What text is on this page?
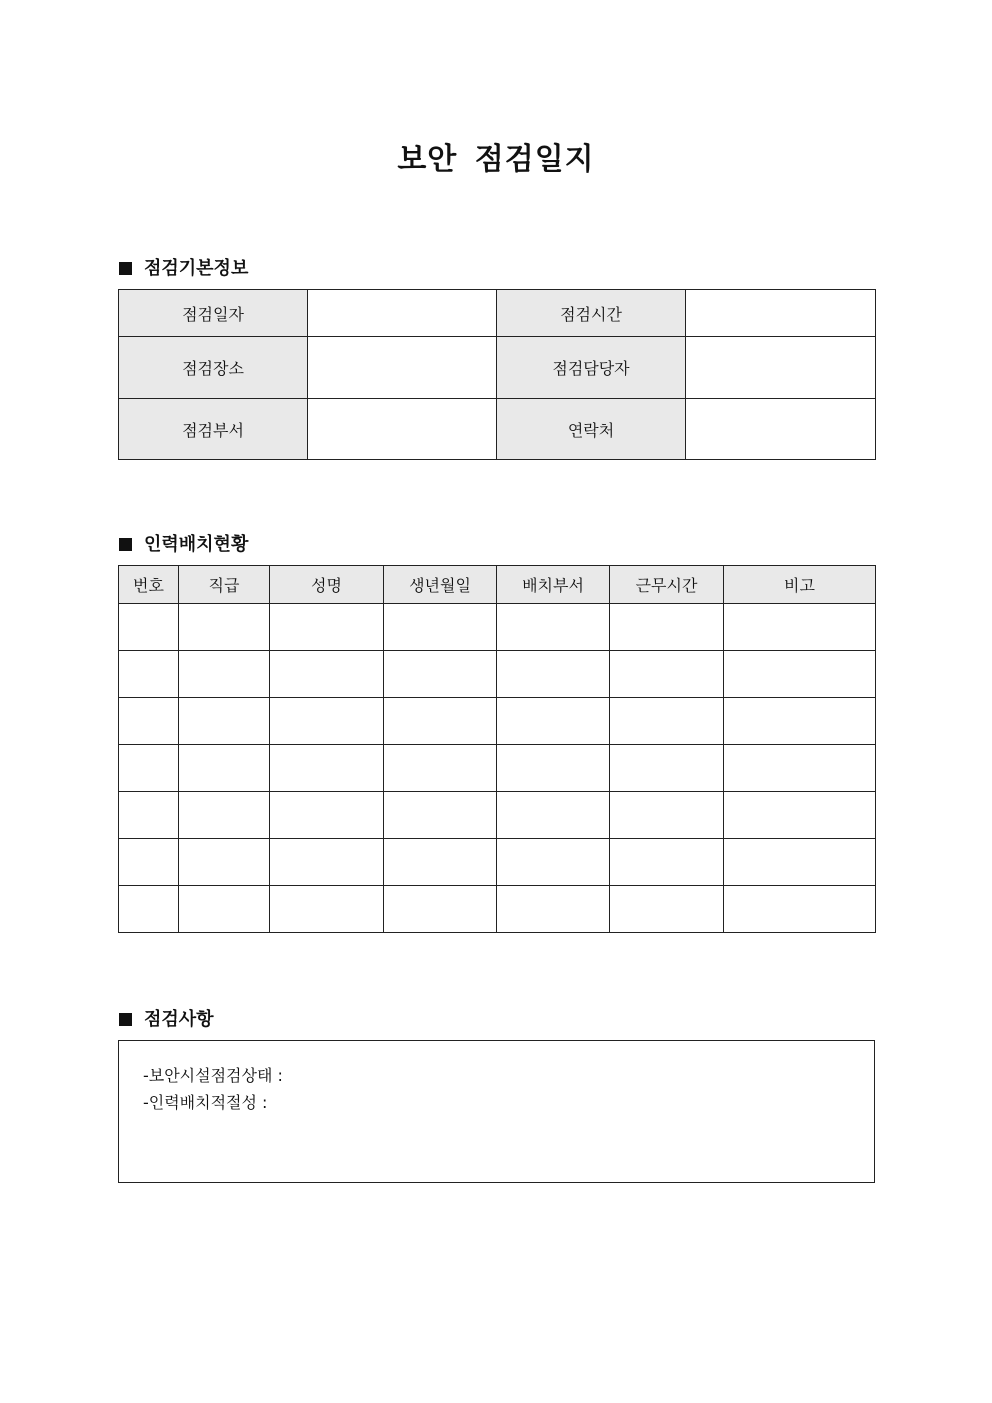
보안 점검일지
점검기본정보
점검일자		점검시간	
점검장소		점검담당자	
점검부서		연락처	
인력배치현황
번호	직급	성명	생년월일	배치부서	근무시간	비고

점검사항
-보안시설점검상태 :
-인력배치적절성 :
